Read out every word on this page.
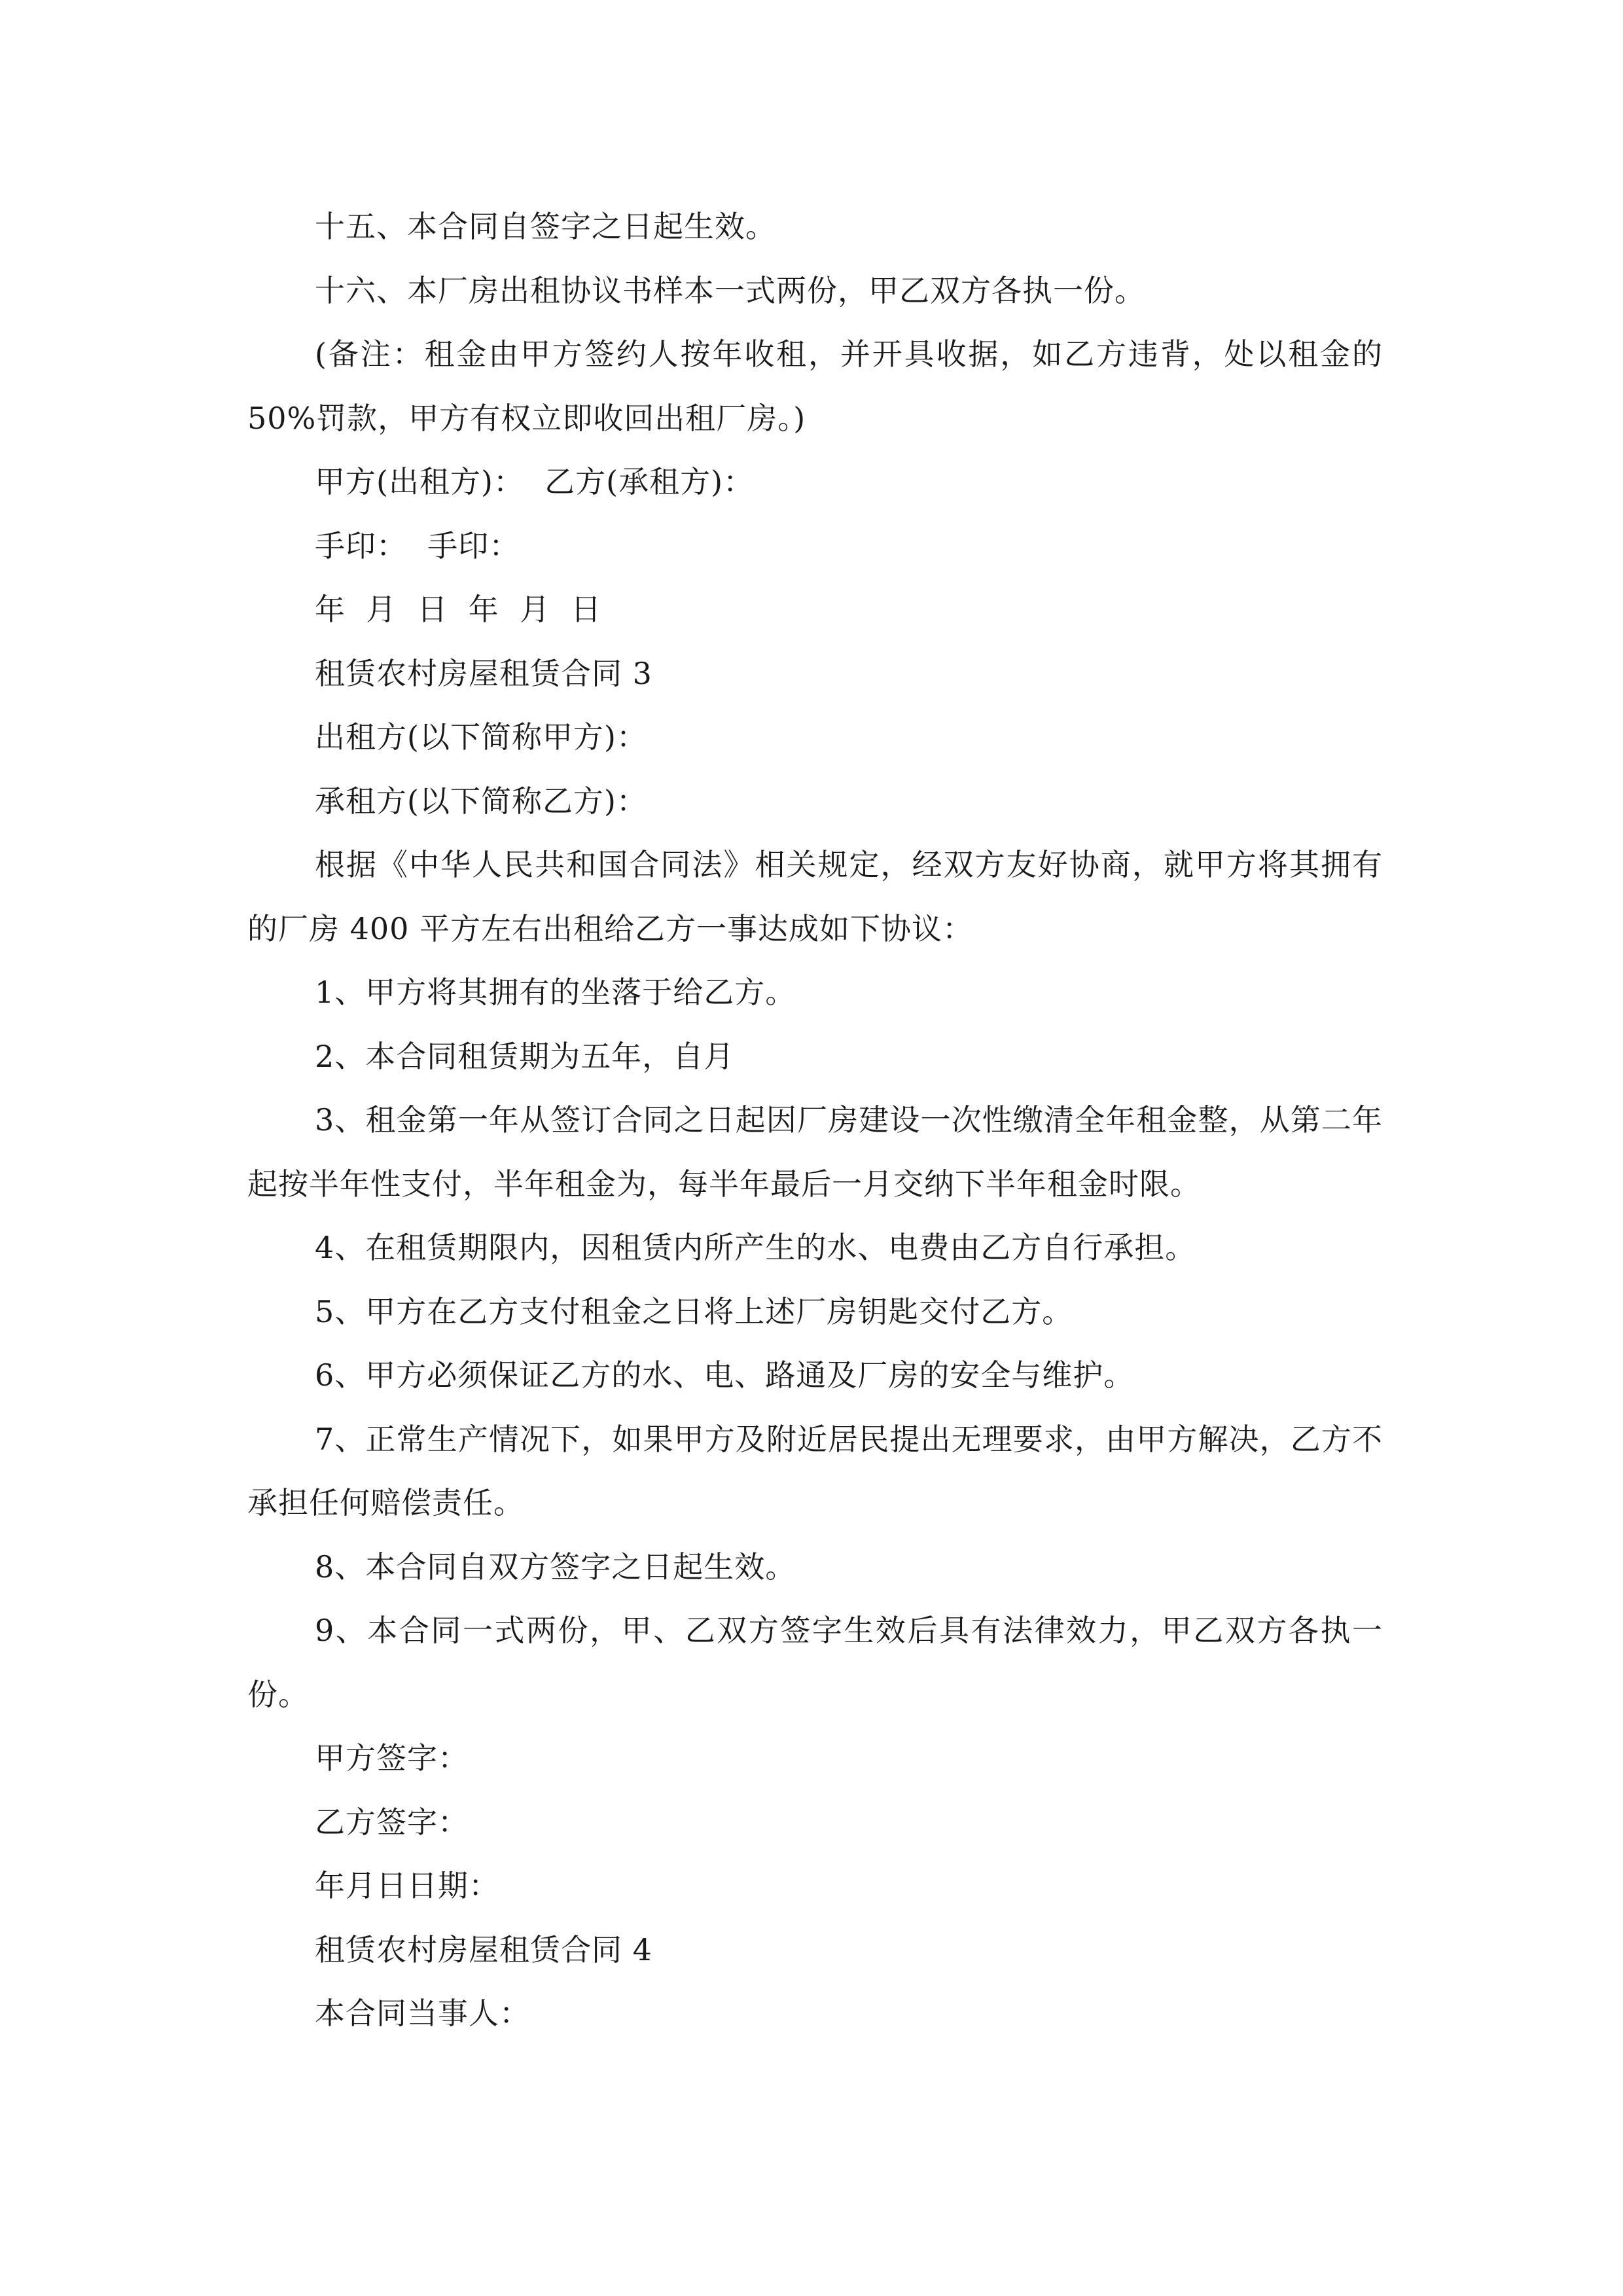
十五、本合同自签字之日起生效。

十六、本厂房出租协议书样本一式两份，甲乙双方各执一份。

(备注：租金由甲方签约人按年收租，并开具收据，如乙方违背，处以租金的 50%罚款，甲方有权立即收回出租厂房。)

甲方(出租方)：  乙方(承租方)：

手印：  手印：

年  月  日  年  月  日

租赁农村房屋租赁合同 3

出租方(以下简称甲方)：

承租方(以下简称乙方)：

根据《中华人民共和国合同法》相关规定，经双方友好协商，就甲方将其拥有的厂房 400 平方左右出租给乙方一事达成如下协议：

1、甲方将其拥有的坐落于给乙方。

2、本合同租赁期为五年，自月

3、租金第一年从签订合同之日起因厂房建设一次性缴清全年租金整，从第二年起按半年性支付，半年租金为，每半年最后一月交纳下半年租金时限。

4、在租赁期限内，因租赁内所产生的水、电费由乙方自行承担。

5、甲方在乙方支付租金之日将上述厂房钥匙交付乙方。

6、甲方必须保证乙方的水、电、路通及厂房的安全与维护。

7、正常生产情况下，如果甲方及附近居民提出无理要求，由甲方解决，乙方不承担任何赔偿责任。

8、本合同自双方签字之日起生效。

9、本合同一式两份，甲、乙双方签字生效后具有法律效力，甲乙双方各执一份。

甲方签字：

乙方签字：

年月日日期：

租赁农村房屋租赁合同 4

本合同当事人：
